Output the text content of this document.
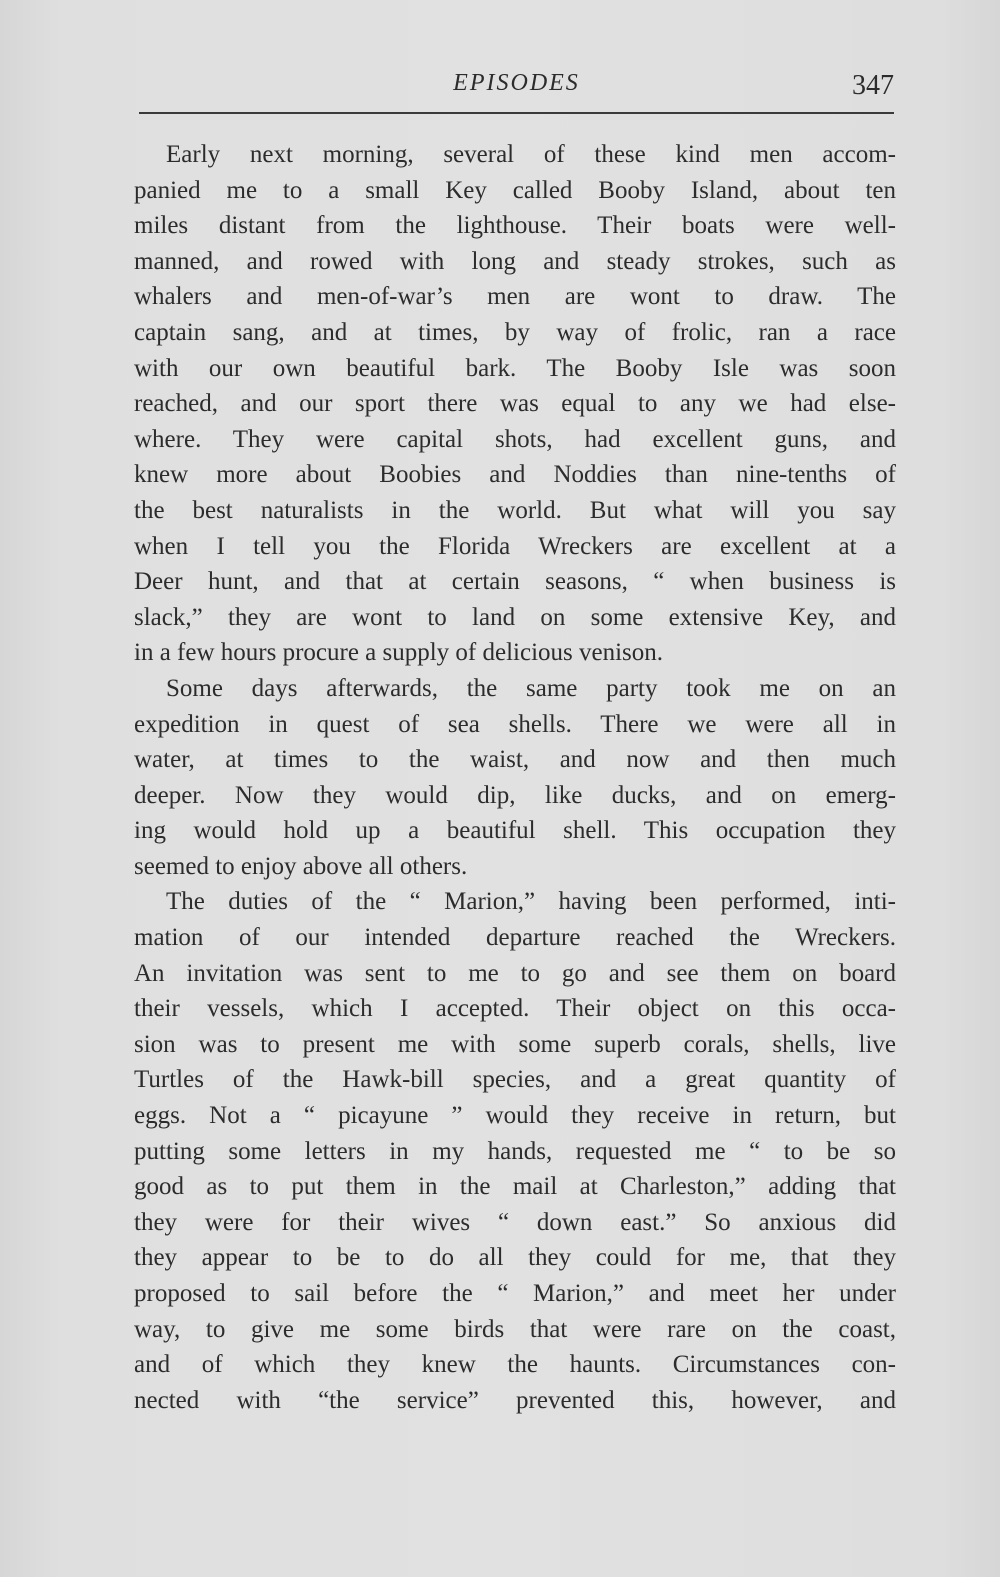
EPISODES	347
Early next morning, several of these kind men accom-
panied me to a small Key called Booby Island, about ten
miles distant from the lighthouse. Their boats were well-
manned, and rowed with long and steady strokes, such as
whalers and men-of-war’s men are wont to draw. The
captain sang, and at times, by way of frolic, ran a race
with our own beautiful bark. The Booby Isle was soon
reached, and our sport there was equal to any we had else-
where. They were capital shots, had excellent guns, and
knew more about Boobies and Noddies than nine-tenths of
the best naturalists in the world. But what will you say
when I tell you the Florida Wreckers are excellent at a
Deer hunt, and that at certain seasons, “ when business is
slack,” they are wont to land on some extensive Key, and
in a few hours procure a supply of delicious venison.
Some days afterwards, the same party took me on an
expedition in quest of sea shells. There we were all in
water, at times to the waist, and now and then much
deeper. Now they would dip, like ducks, and on emerg-
ing would hold up a beautiful shell. This occupation they
seemed to enjoy above all others.
The duties of the “ Marion,” having been performed, inti-
mation of our intended departure reached the Wreckers.
An invitation was sent to me to go and see them on board
their vessels, which I accepted. Their object on this occa-
sion was to present me with some superb corals, shells, live
Turtles of the Hawk-bill species, and a great quantity of
eggs. Not a “ picayune ” would they receive in return, but
putting some letters in my hands, requested me “ to be so
good as to put them in the mail at Charleston,” adding that
they were for their wives “ down east.” So anxious did
they appear to be to do all they could for me, that they
proposed to sail before the “ Marion,” and meet her under
way, to give me some birds that were rare on the coast,
and of which they knew the haunts. Circumstances con-
nected with “the service” prevented this, however, and
